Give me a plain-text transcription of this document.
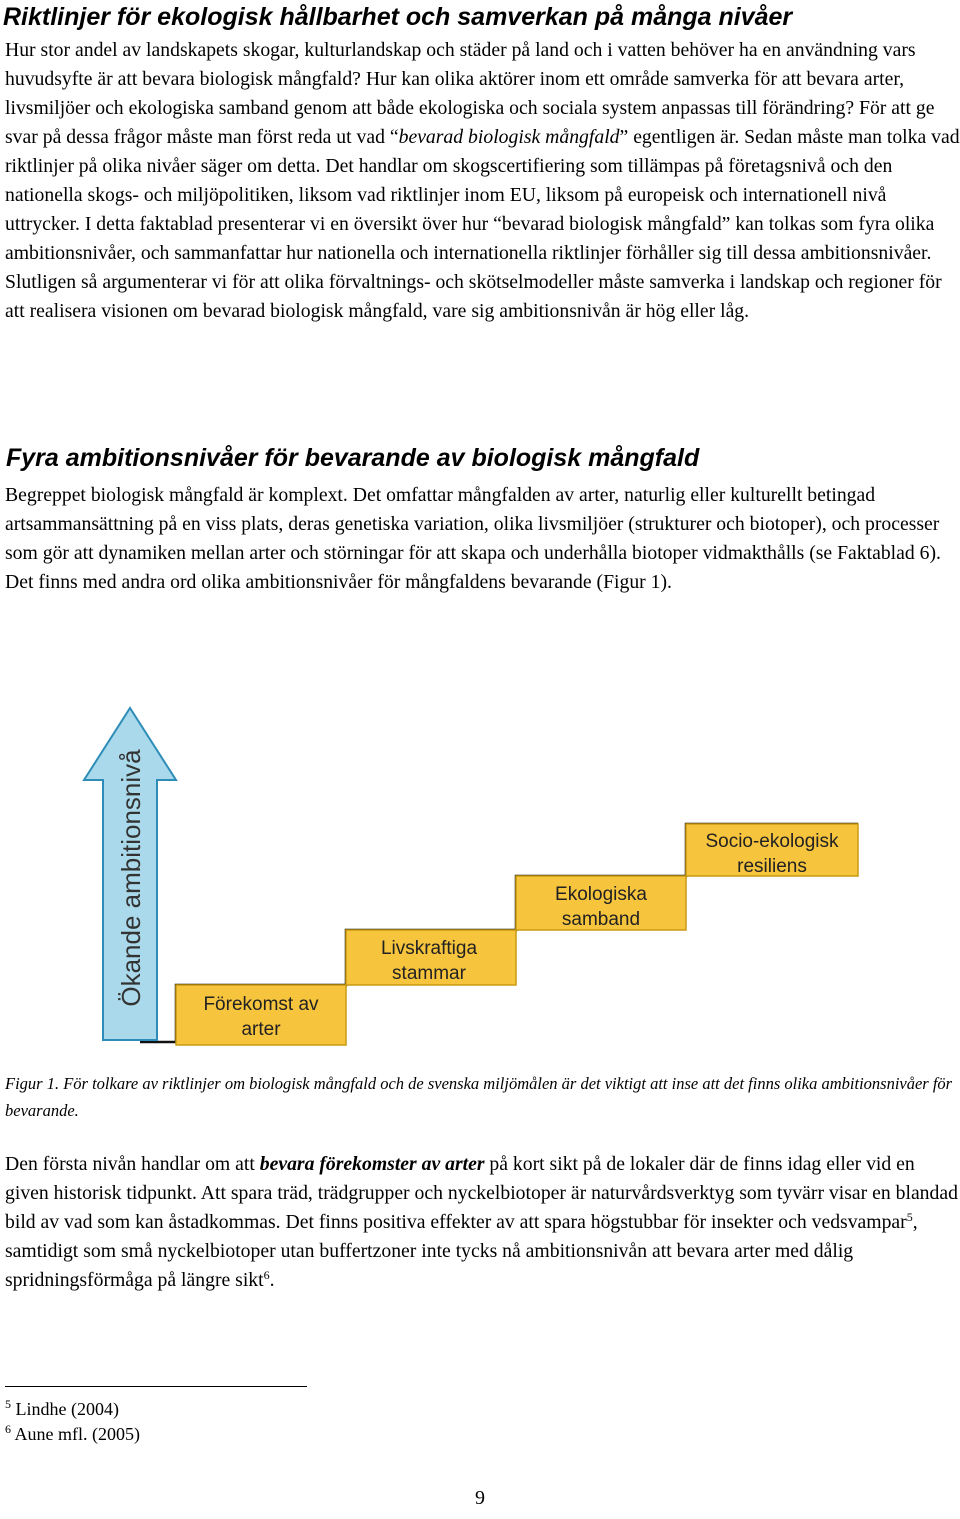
Riktlinjer för ekologisk hållbarhet och samverkan på många nivåer

Hur stor andel av landskapets skogar, kulturlandskap och städer på land och i vatten behöver ha en användning vars huvudsyfte är att bevara biologisk mångfald? Hur kan olika aktörer inom ett område samverka för att bevara arter, livsmiljöer och ekologiska samband genom att både ekologiska och sociala system anpassas till förändring? För att ge svar på dessa frågor måste man först reda ut vad “bevarad biologisk mångfald” egentligen är. Sedan måste man tolka vad riktlinjer på olika nivåer säger om detta. Det handlar om skogscertifiering som tillämpas på företagsnivå och den nationella skogs- och miljöpolitiken, liksom vad riktlinjer inom EU, liksom på europeisk och internationell nivå uttrycker. I detta faktablad presenterar vi en översikt över hur “bevarad biologisk mångfald” kan tolkas som fyra olika ambitionsnivåer, och sammanfattar hur nationella och internationella riktlinjer förhåller sig till dessa ambitionsnivåer. Slutligen så argumenterar vi för att olika förvaltnings- och skötselmodeller måste samverka i landskap och regioner för att realisera visionen om bevarad biologisk mångfald, vare sig ambitionsnivån är hög eller låg.

Fyra ambitionsnivåer för bevarande av biologisk mångfald

Begreppet biologisk mångfald är komplext. Det omfattar mångfalden av arter, naturlig eller kulturellt betingad artsammansättning på en viss plats, deras genetiska variation, olika livsmiljöer (strukturer och biotoper), och processer som gör att dynamiken mellan arter och störningar för att skapa och underhålla biotoper vidmakthålls (se Faktablad 6). Det finns med andra ord olika ambitionsnivåer för mångfaldens bevarande (Figur 1).

Ökande ambitionsnivå	Förekomst av
arter
Livskraftiga
stammar
Ekologiska
samband
Socio-ekologisk
resiliens

Figur 1. För tolkare av riktlinjer om biologisk mångfald och de svenska miljömålen är det viktigt att inse att det finns olika ambitionsnivåer för bevarande.

Den första nivån handlar om att bevara förekomster av arter på kort sikt på de lokaler där de finns idag eller vid en given historisk tidpunkt. Att spara träd, trädgrupper och nyckelbiotoper är naturvårdsverktyg som tyvärr visar en blandad bild av vad som kan åstadkommas. Det finns positiva effekter av att spara högstubbar för insekter och vedsvampar$^5$, samtidigt som små nyckelbiotoper utan buffertzoner inte tycks nå ambitionsnivån att bevara arter med dålig spridningsförmåga på längre sikt$^6$.

$^5$ Lindhe (2004)

$^6$ Aune mfl. (2005)

9
